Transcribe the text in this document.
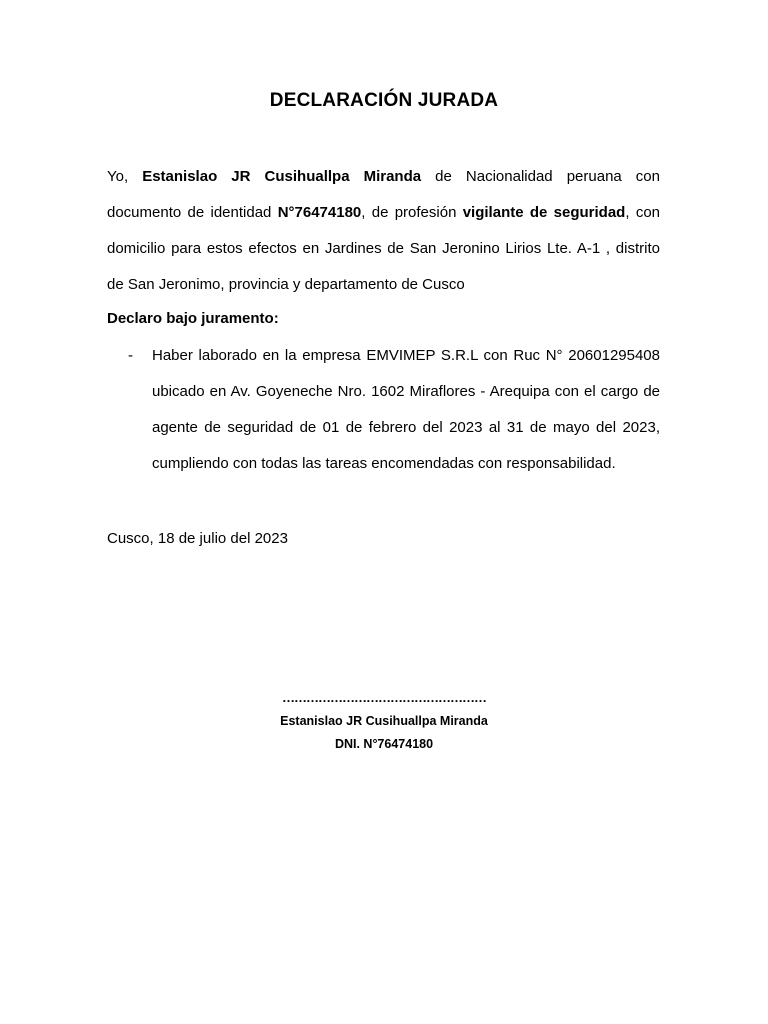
DECLARACIÓN JURADA
Yo, Estanislao JR Cusihuallpa Miranda de Nacionalidad peruana con
documento de identidad N°76474180, de profesión vigilante de seguridad, con
domicilio para estos efectos en Jardines de San Jeronino Lirios Lte. A-1 , distrito
de San Jeronimo, provincia y departamento de Cusco
Declaro bajo juramento:
- Haber laborado en la empresa EMVIMEP S.R.L con Ruc N° 20601295408
ubicado en Av. Goyeneche Nro. 1602 Miraflores - Arequipa con el cargo de
agente de seguridad de 01 de febrero del 2023 al 31 de mayo del 2023,
cumpliendo con todas las tareas encomendadas con responsabilidad.
Cusco, 18 de julio del 2023
……………………………………………
Estanislao JR Cusihuallpa Miranda
DNI. N°76474180
